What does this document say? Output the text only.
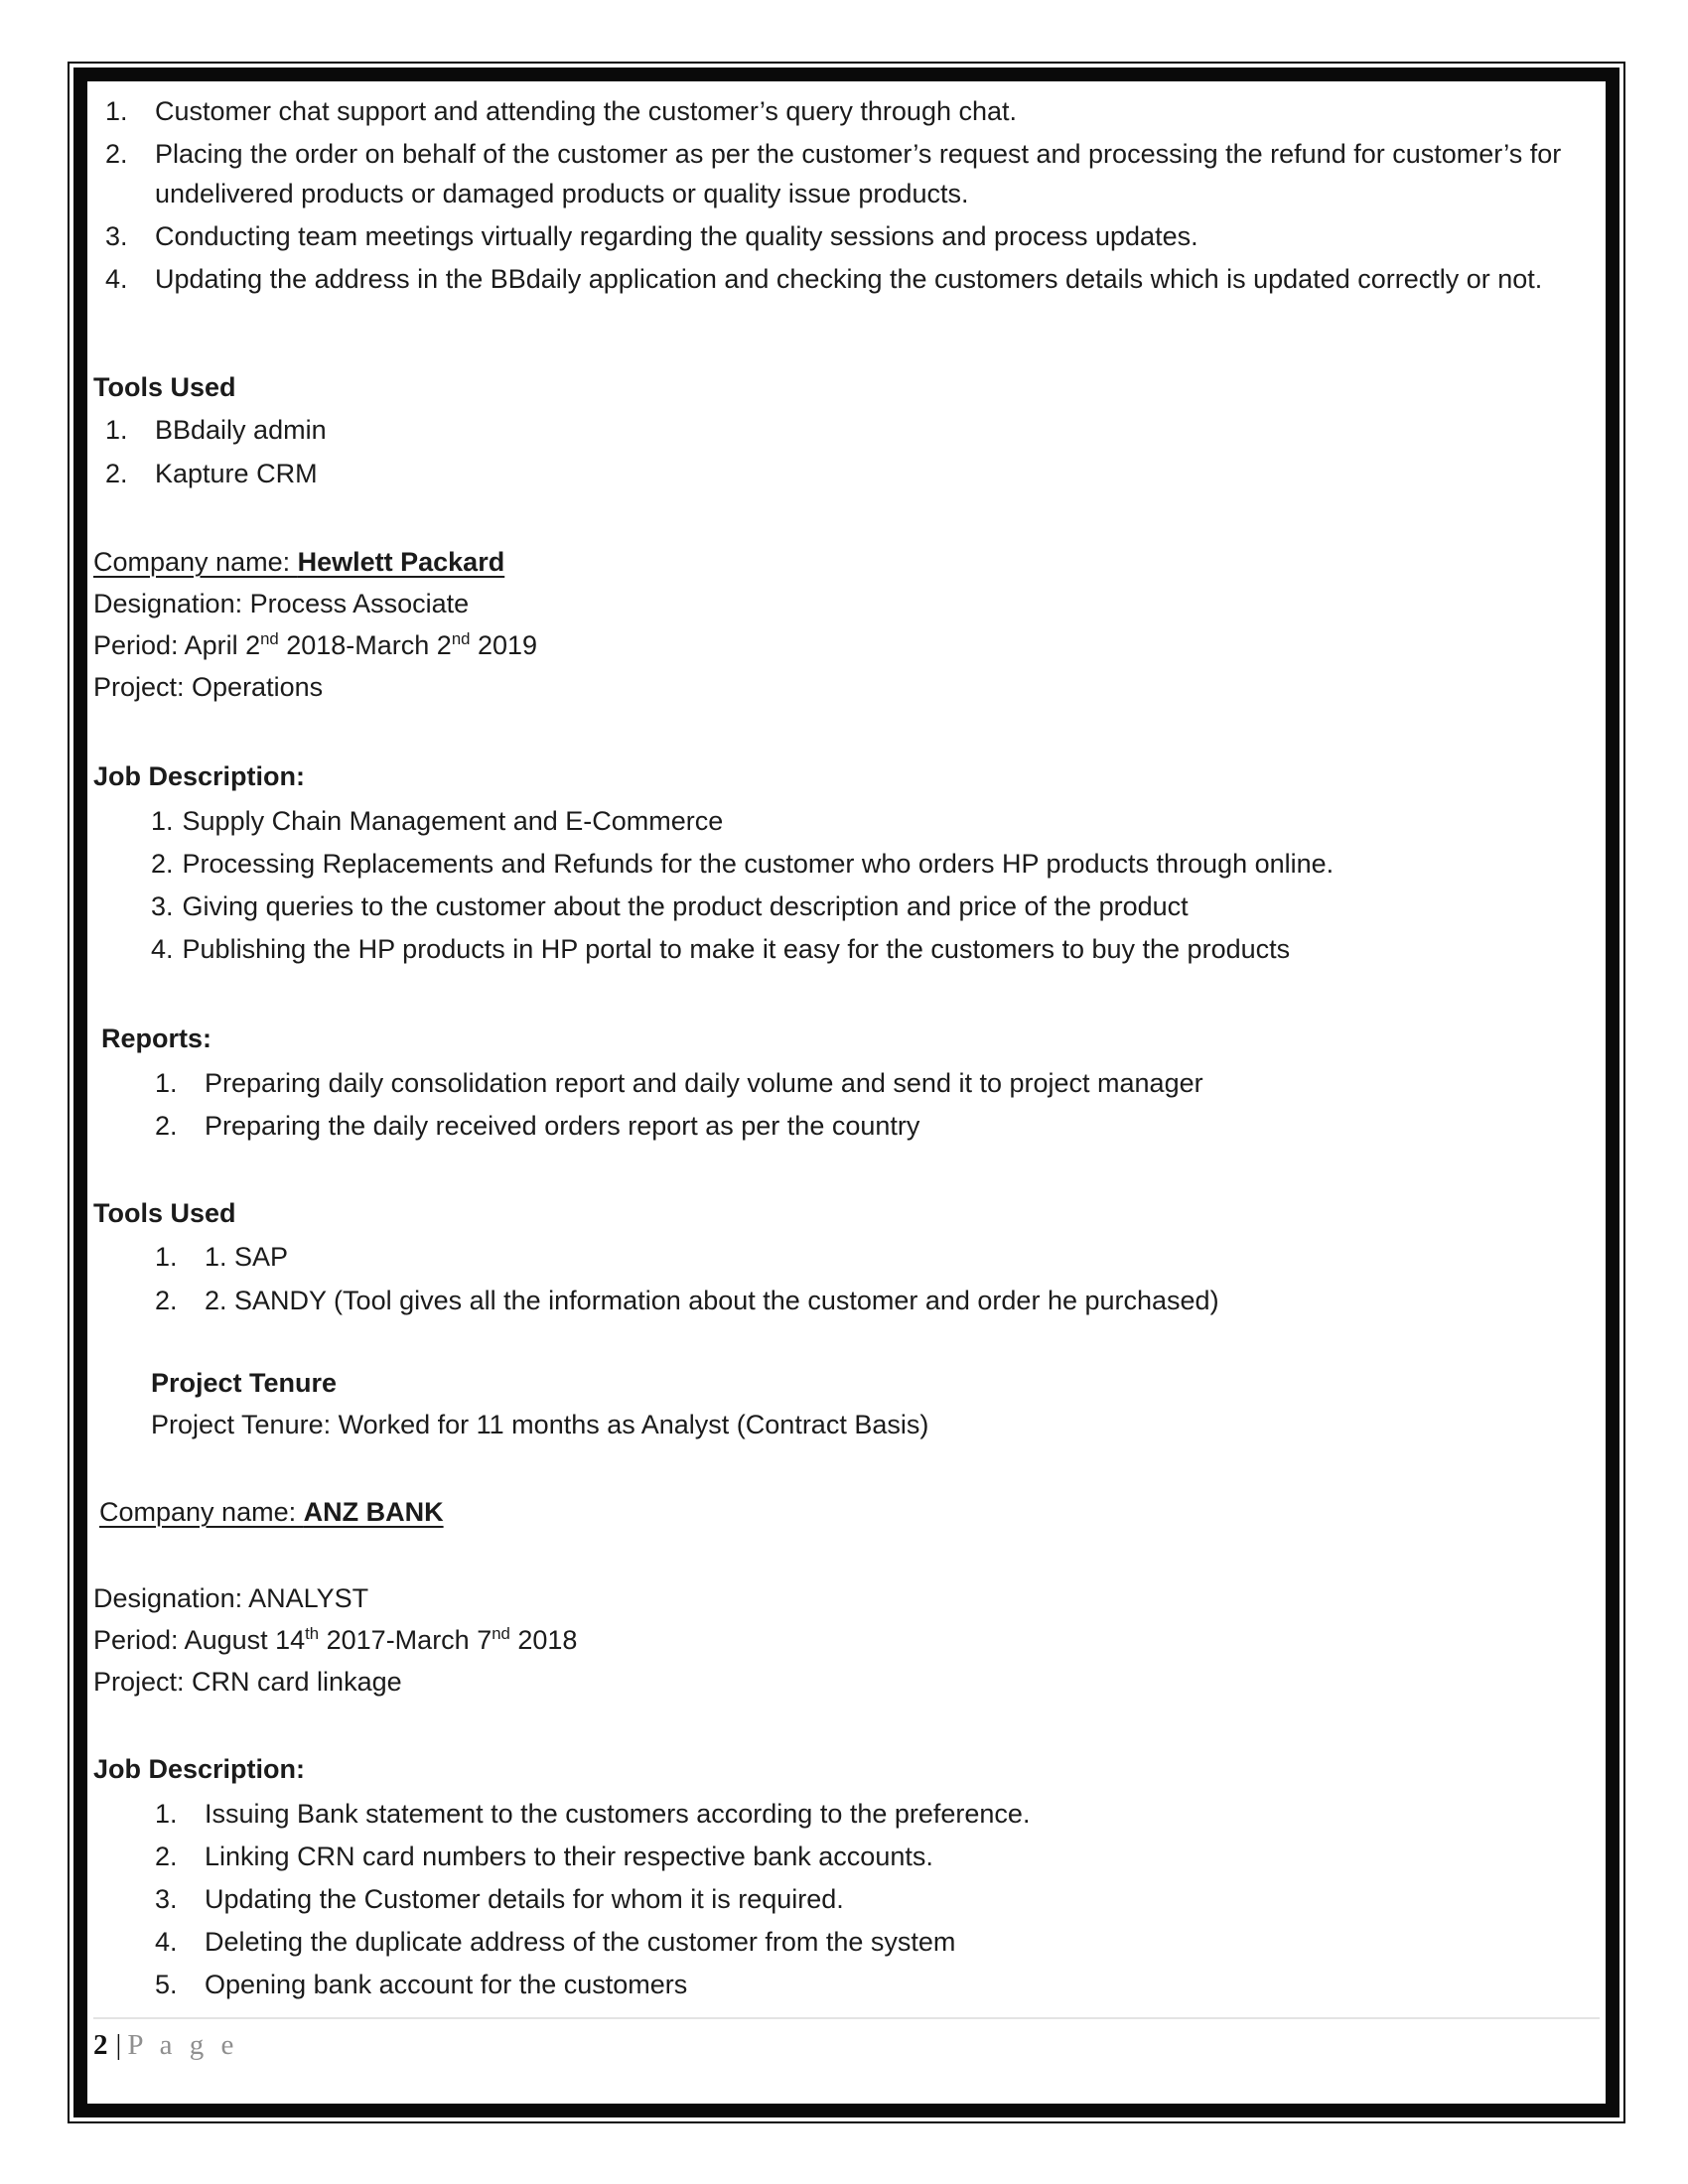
1.	Customer chat support and attending the customer’s query through chat.
2.	Placing the order on behalf of the customer as per the customer’s request and processing the refund for customer’s for undelivered products or damaged products or quality issue products.
3.	Conducting team meetings virtually regarding the quality sessions and process updates.
4.	Updating the address in the BBdaily application and checking the customers details which is updated correctly or not.
Tools Used
1.	BBdaily admin
2.	Kapture CRM
Company name: Hewlett Packard
Designation: Process Associate
Period: April 2nd 2018-March 2nd 2019
Project: Operations
Job Description:
1. Supply Chain Management and E-Commerce
2. Processing Replacements and Refunds for the customer who orders HP products through online.
3. Giving queries to the customer about the product description and price of the product
4. Publishing the HP products in HP portal to make it easy for the customers to buy the products
Reports:
1.	Preparing daily consolidation report and daily volume and send it to project manager
2.	Preparing the daily received orders report as per the country
Tools Used
1.	1. SAP
2.	2. SANDY (Tool gives all the information about the customer and order he purchased)
Project Tenure
Project Tenure: Worked for 11 months as Analyst (Contract Basis)
Company name: ANZ BANK
Designation: ANALYST
Period: August 14th 2017-March 7nd 2018
Project: CRN card linkage
Job Description:
1.	Issuing Bank statement to the customers according to the preference.
2.	Linking CRN card numbers to their respective bank accounts.
3.	Updating the Customer details for whom it is required.
4.	Deleting the duplicate address of the customer from the system
5.	Opening bank account for the customers
2 | P a g e
